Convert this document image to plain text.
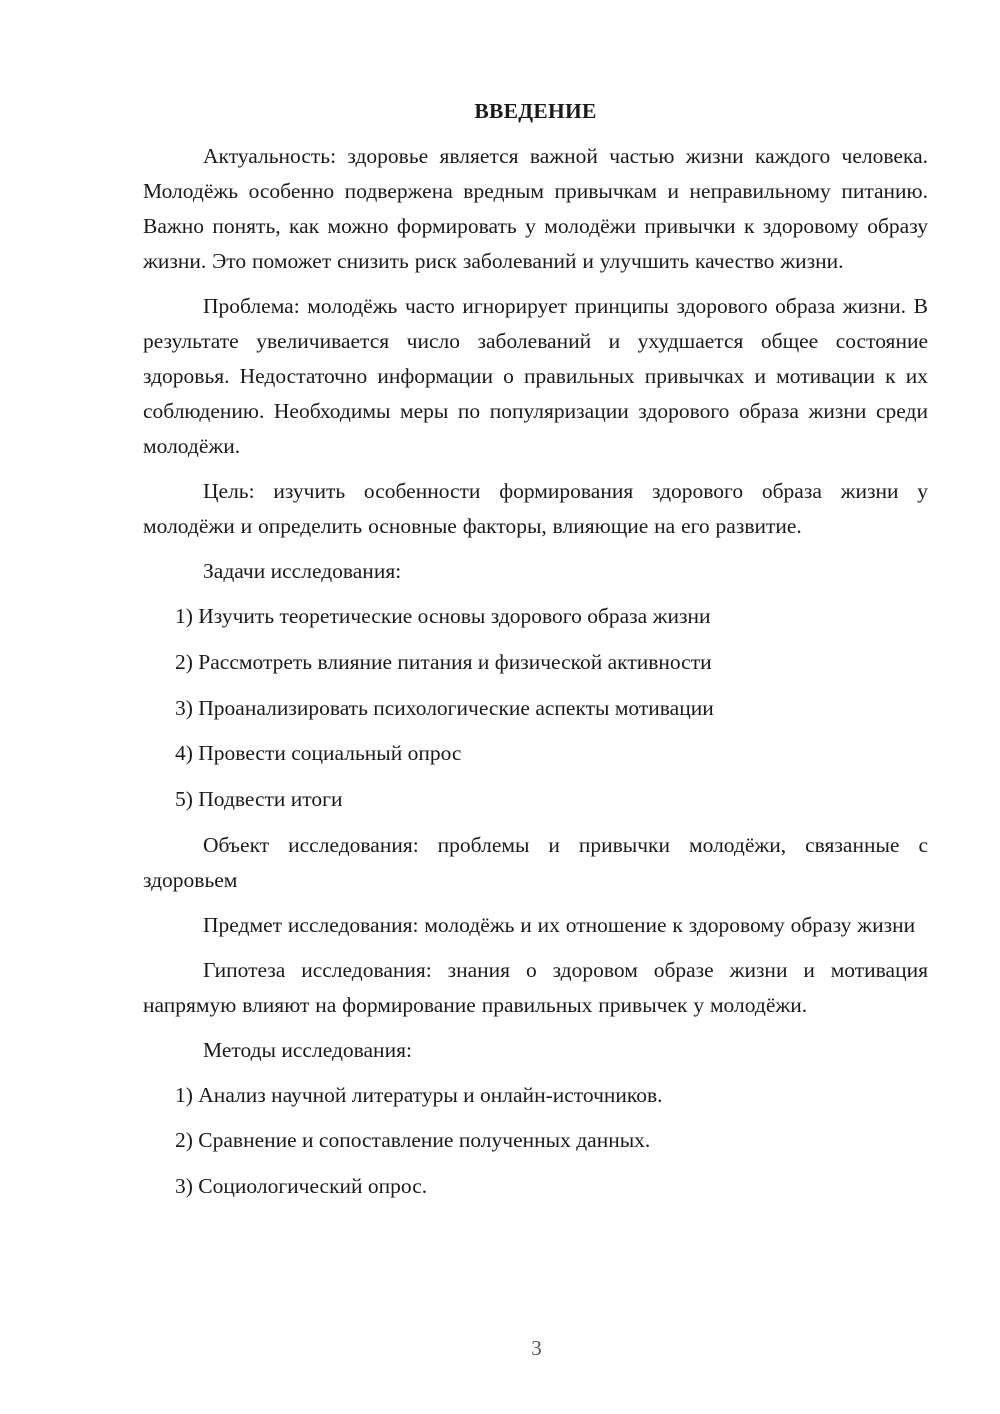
ВВЕДЕНИЕ

Актуальность: здоровье является важной частью жизни каждого человека. Молодёжь особенно подвержена вредным привычкам и неправильному питанию. Важно понять, как можно формировать у молодёжи привычки к здоровому образу жизни. Это поможет снизить риск заболеваний и улучшить качество жизни.

Проблема: молодёжь часто игнорирует принципы здорового образа жизни. В результате увеличивается число заболеваний и ухудшается общее состояние здоровья. Недостаточно информации о правильных привычках и мотивации к их соблюдению. Необходимы меры по популяризации здорового образа жизни среди молодёжи.

Цель: изучить особенности формирования здорового образа жизни у молодёжи и определить основные факторы, влияющие на его развитие.

Задачи исследования:

1) Изучить теоретические основы здорового образа жизни
2) Рассмотреть влияние питания и физической активности
3) Проанализировать психологические аспекты мотивации
4) Провести социальный опрос
5) Подвести итоги

Объект исследования: проблемы и привычки молодёжи, связанные с здоровьем

Предмет исследования: молодёжь и их отношение к здоровому образу жизни

Гипотеза исследования: знания о здоровом образе жизни и мотивация напрямую влияют на формирование правильных привычек у молодёжи.

Методы исследования:

1) Анализ научной литературы и онлайн-источников.
2) Сравнение и сопоставление полученных данных.
3) Социологический опрос.
3
